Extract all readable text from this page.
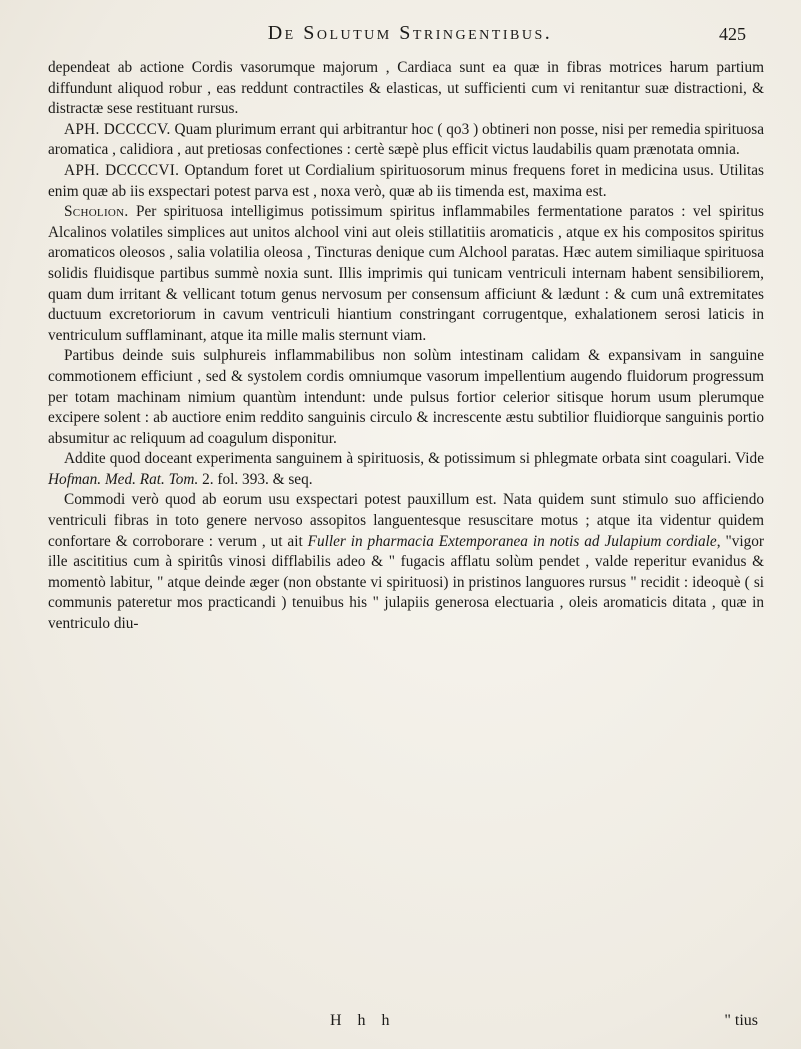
De Solutum Stringentibus.	425

dependeat ab actione Cordis vasorumque majorum , Cardiaca sunt ea quæ in fibras motrices harum partium diffundunt aliquod robur , eas reddunt contractiles & elasticas, ut sufficienti cum vi renitantur suæ distractioni, & distractæ sese restituant rursus.

APH. DCCCCV. Quam plurimum errant qui arbitrantur hoc ( qo3 ) obtineri non posse, nisi per remedia spirituosa aromatica , calidiora , aut pretiosas confectiones : certè sæpè plus efficit victus laudabilis quam prænotata omnia.

APH. DCCCCVI. Optandum foret ut Cordialium spirituosorum minus frequens foret in medicina usus. Utilitas enim quæ ab iis exspectari potest parva est , noxa verò, quæ ab iis timenda est, maxima est.

Scholion. Per spirituosa intelligimus potissimum spiritus inflammabiles fermentatione paratos : vel spiritus Alcalinos volatiles simplices aut unitos alchool vini aut oleis stillatitiis aromaticis , atque ex his compositos spiritus aromaticos oleosos , salia volatilia oleosa , Tincturas denique cum Alchool paratas. Hæc autem similiaque spirituosa solidis fluidisque partibus summè noxia sunt. Illis imprimis qui tunicam ventriculi internam habent sensibiliorem, quam dum irritant & vellicant totum genus nervosum per consensum afficiunt & lædunt : & cum unâ extremitates ductuum excretoriorum in cavum ventriculi hiantium constringant corrugentque, exhalationem serosi laticis in ventriculum sufflaminant, atque ita mille malis sternunt viam.

Partibus deinde suis sulphureis inflammabilibus non solùm intestinam calidam & expansivam in sanguine commotionem efficiunt , sed & systolem cordis omniumque vasorum impellentium augendo fluidorum progressum per totam machinam nimium quantùm intendunt: unde pulsus fortior celerior sitisque horum usum plerumque excipere solent : ab auctiore enim reddito sanguinis circulo & increscente æstu subtilior fluidiorque sanguinis portio absumitur ac reliquum ad coagulum disponitur.

Addite quod doceant experimenta sanguinem à spirituosis, & potissimum si phlegmate orbata sint coagulari. Vide Hofman. Med. Rat. Tom. 2. fol. 393. & seq.

Commodi verò quod ab eorum usu exspectari potest pauxillum est. Nata quidem sunt stimulo suo afficiendo ventriculi fibras in toto genere nervoso assopitos languentesque resuscitare motus ; atque ita videntur quidem confortare & corroborare : verum , ut ait Fuller in pharmacia Extemporanea in notis ad Julapium cordiale, "vigor ille ascititius cum à spiritûs vinosi difflabilis adeo & " fugacis afflatu solùm pendet , valde reperitur evanidus & momentò labitur, " atque deinde æger (non obstante vi spirituosi) in pristinos languores rursus " recidit : ideoquè ( si communis pateretur mos practicandi ) tenuibus his " julapiis generosa electuaria , oleis aromaticis ditata , quæ in ventriculo diu-

H h h	" tius
